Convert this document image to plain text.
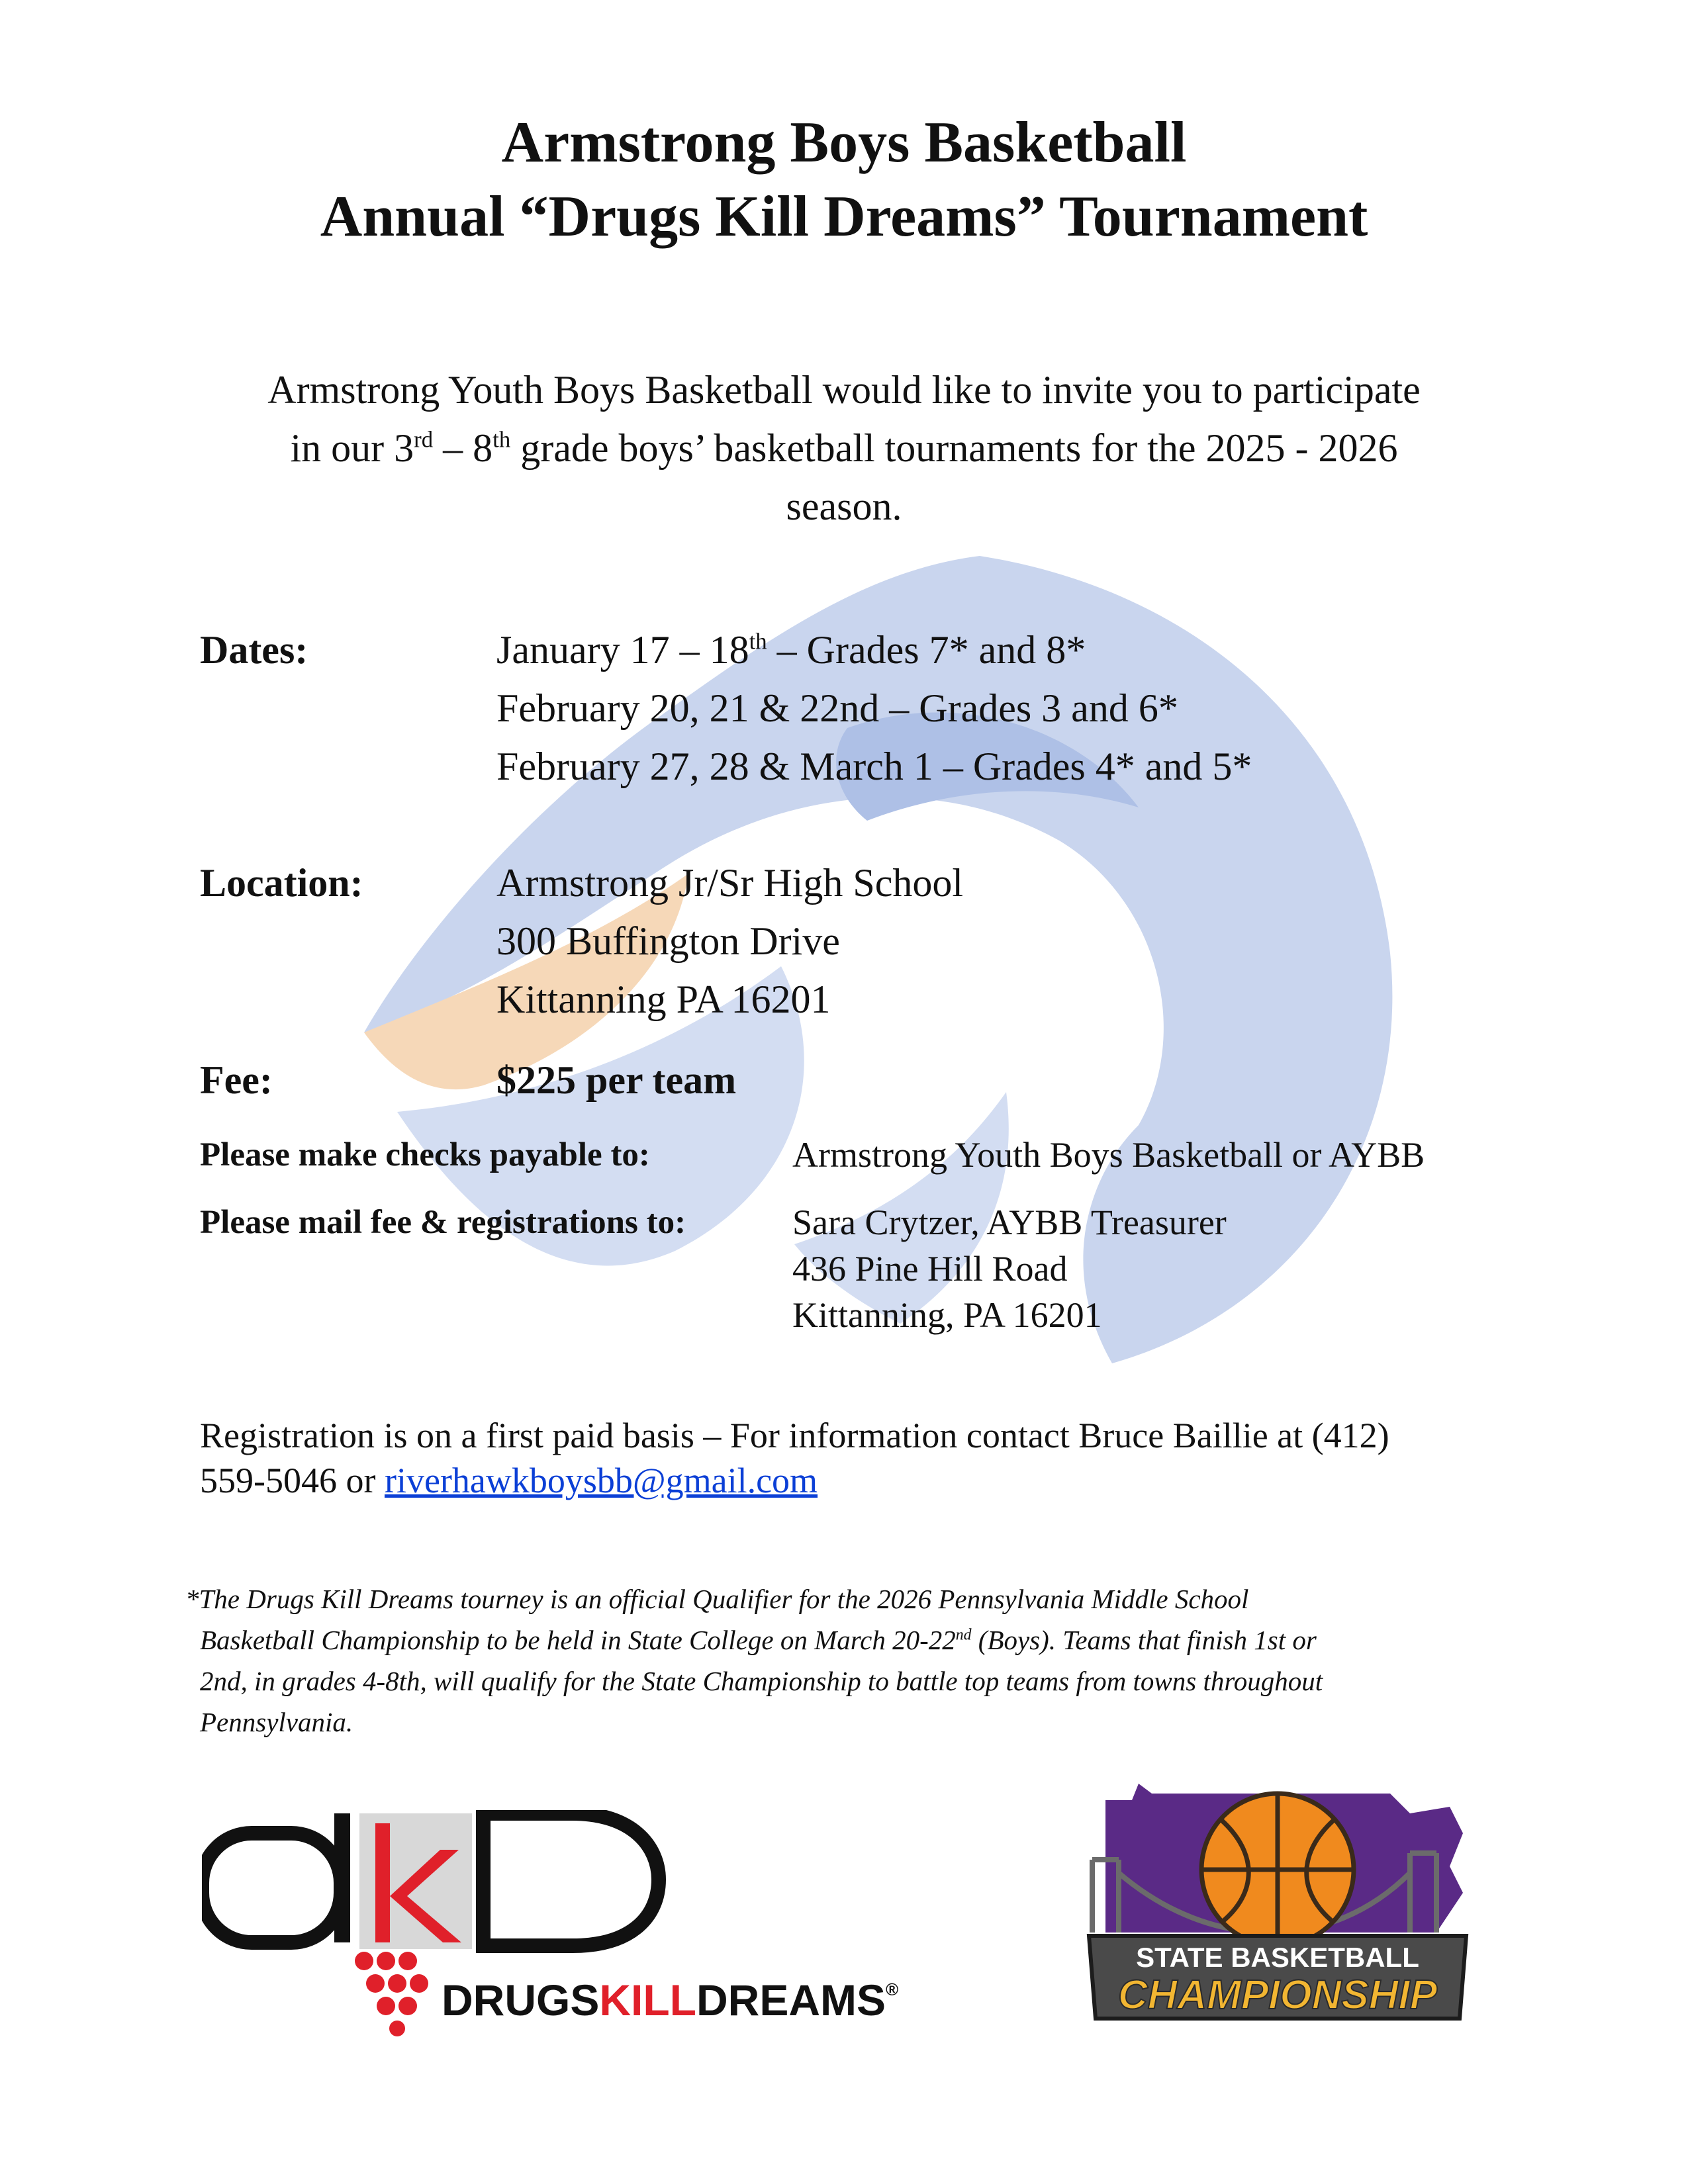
Armstrong Boys Basketball
Annual “Drugs Kill Dreams” Tournament
Armstrong Youth Boys Basketball would like to invite you to participate
in our 3rd – 8th grade boys’ basketball tournaments for the 2025 - 2026
season.
Dates:	January 17 – 18th – Grades 7* and 8*
February 20, 21 & 22nd – Grades 3 and 6*
February 27, 28 & March 1 – Grades 4* and 5*
Location:	Armstrong Jr/Sr High School
300 Buffington Drive
Kittanning PA 16201
Fee:	$225 per team
Please make checks payable to:	Armstrong Youth Boys Basketball or AYBB
Please mail fee & registrations to:	Sara Crytzer, AYBB Treasurer
436 Pine Hill Road
Kittanning, PA 16201
Registration is on a first paid basis – For information contact Bruce Baillie at (412)
559-5046 or riverhawkboysbb@gmail.com
*The Drugs Kill Dreams tourney is an official Qualifier for the 2026 Pennsylvania Middle School
Basketball Championship to be held in State College on March 20-22nd (Boys). Teams that finish 1st or
2nd, in grades 4-8th, will qualify for the State Championship to battle top teams from towns throughout
Pennsylvania.
DRUGSKILLDREAMS®
STATE BASKETBALL
CHAMPIONSHIP
